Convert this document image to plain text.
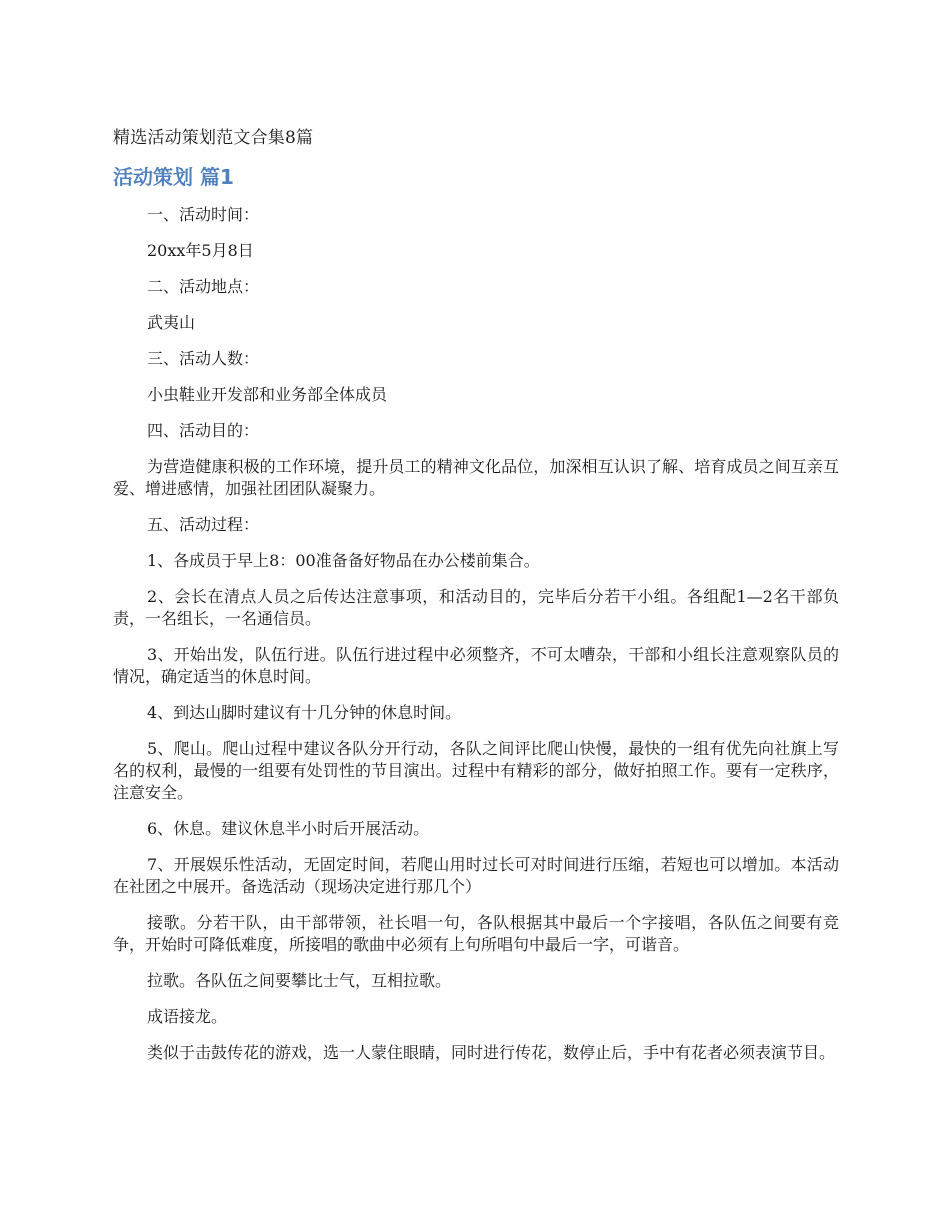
精选活动策划范文合集8篇
活动策划 篇1

一、活动时间：

20xx年5月8日

二、活动地点：

武夷山

三、活动人数：

小虫鞋业开发部和业务部全体成员

四、活动目的：

为营造健康积极的工作环境，提升员工的精神文化品位，加深相互认识了解、培育成员之间互亲互爱、增进感情，加强社团团队凝聚力。

五、活动过程：

1、各成员于早上8：00准备备好物品在办公楼前集合。

2、会长在清点人员之后传达注意事项，和活动目的，完毕后分若干小组。各组配1—2名干部负责，一名组长，一名通信员。

3、开始出发，队伍行进。队伍行进过程中必须整齐，不可太嘈杂，干部和小组长注意观察队员的情况，确定适当的休息时间。

4、到达山脚时建议有十几分钟的休息时间。

5、爬山。爬山过程中建议各队分开行动，各队之间评比爬山快慢，最快的一组有优先向社旗上写名的权利，最慢的一组要有处罚性的节目演出。过程中有精彩的部分，做好拍照工作。要有一定秩序，注意安全。

6、休息。建议休息半小时后开展活动。

7、开展娱乐性活动，无固定时间，若爬山用时过长可对时间进行压缩，若短也可以增加。本活动在社团之中展开。备选活动（现场决定进行那几个）

接歌。分若干队，由干部带领，社长唱一句，各队根据其中最后一个字接唱，各队伍之间要有竞争，开始时可降低难度，所接唱的歌曲中必须有上句所唱句中最后一字，可谐音。

拉歌。各队伍之间要攀比士气，互相拉歌。

成语接龙。

类似于击鼓传花的游戏，选一人蒙住眼睛，同时进行传花，数停止后，手中有花者必须表演节目。
